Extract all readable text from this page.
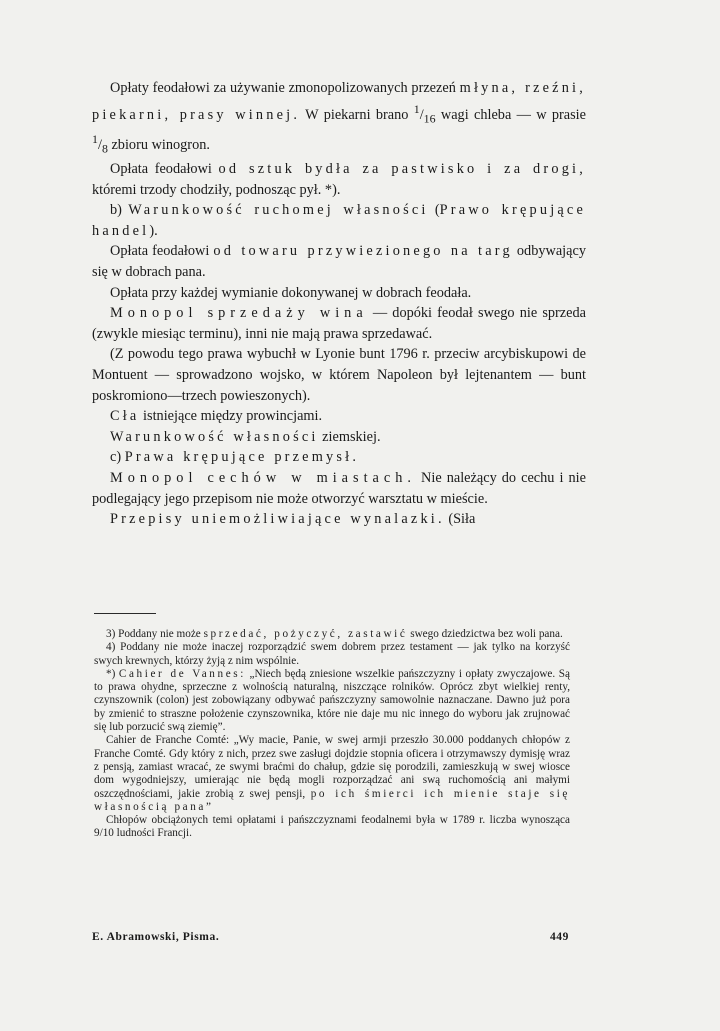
Opłaty feodałowi za używanie zmonopolizowanych przezeń młyna, rzeźni, piekarni, prasy winnej. W piekarni brano $^1/_{16}$ wagi chleba — w prasie $^1/_8$ zbioru winogron.

Opłata feodałowi od sztuk bydła za pastwisko i za drogi, któremi trzody chodziły, podnosząc pył. *).

b) Warunkowość ruchomej własności (Prawo krępujące handel).

Opłata feodałowi od towaru przywiezionego na targ odbywający się w dobrach pana.

Opłata przy każdej wymianie dokonywanej w dobrach feodała.

Monopol sprzedaży wina — dopóki feodał swego nie sprzeda (zwykle miesiąc terminu), inni nie mają prawa sprzedawać.

(Z powodu tego prawa wybuchł w Lyonie bunt 1796 r. przeciw arcybiskupowi de Montuent — sprowadzono wojsko, w którem Napoleon był lejtenantem — bunt poskromiono—trzech powieszonych).

Cła istniejące między prowincjami.

Warunkowość własności ziemskiej.

c) Prawa krępujące przemysł.

Monopol cechów w miastach. Nie należący do cechu i nie podlegający jego przepisom nie może otworzyć warsztatu w mieście.

Przepisy uniemożliwiające wynalazki. (Siła

3) Poddany nie może sprzedać, pożyczyć, zastawić swego dziedzictwa bez woli pana.

4) Poddany nie może inaczej rozporządzić swem dobrem przez testament — jak tylko na korzyść swych krewnych, którzy żyją z nim wspólnie.

*) Cahier de Vannes: „Niech będą zniesione wszelkie pańszczyzny i opłaty zwyczajowe. Są to prawa ohydne, sprzeczne z wolnością naturalną, niszczące rolników. Oprócz zbyt wielkiej renty, czynszownik (colon) jest zobowiązany odbywać pańszczyzny samowolnie naznaczane. Dawno już pora by zmienić to straszne położenie czynszownika, które nie daje mu nic innego do wyboru jak zrujnować się lub porzucić swą ziemię”.

Cahier de Franche Comté: „Wy macie, Panie, w swej armji przeszło 30.000 poddanych chłopów z Franche Comté. Gdy który z nich, przez swe zasługi dojdzie stopnia oficera i otrzymawszy dymisję wraz z pensją, zamiast wracać, ze swymi braćmi do chałup, gdzie się porodzili, zamieszkują w swej wiosce dom wygodniejszy, umierając nie będą mogli rozporządzać ani swą ruchomością ani małymi oszczędnościami, jakie zrobią z swej pensji, po ich śmierci ich mienie staje się własnością pana”

Chłopów obciążonych temi opłatami i pańszczyznami feodalnemi była w 1789 r. liczba wynosząca 9/10 ludności Francji.

E. Abramowski, Pisma.	449
